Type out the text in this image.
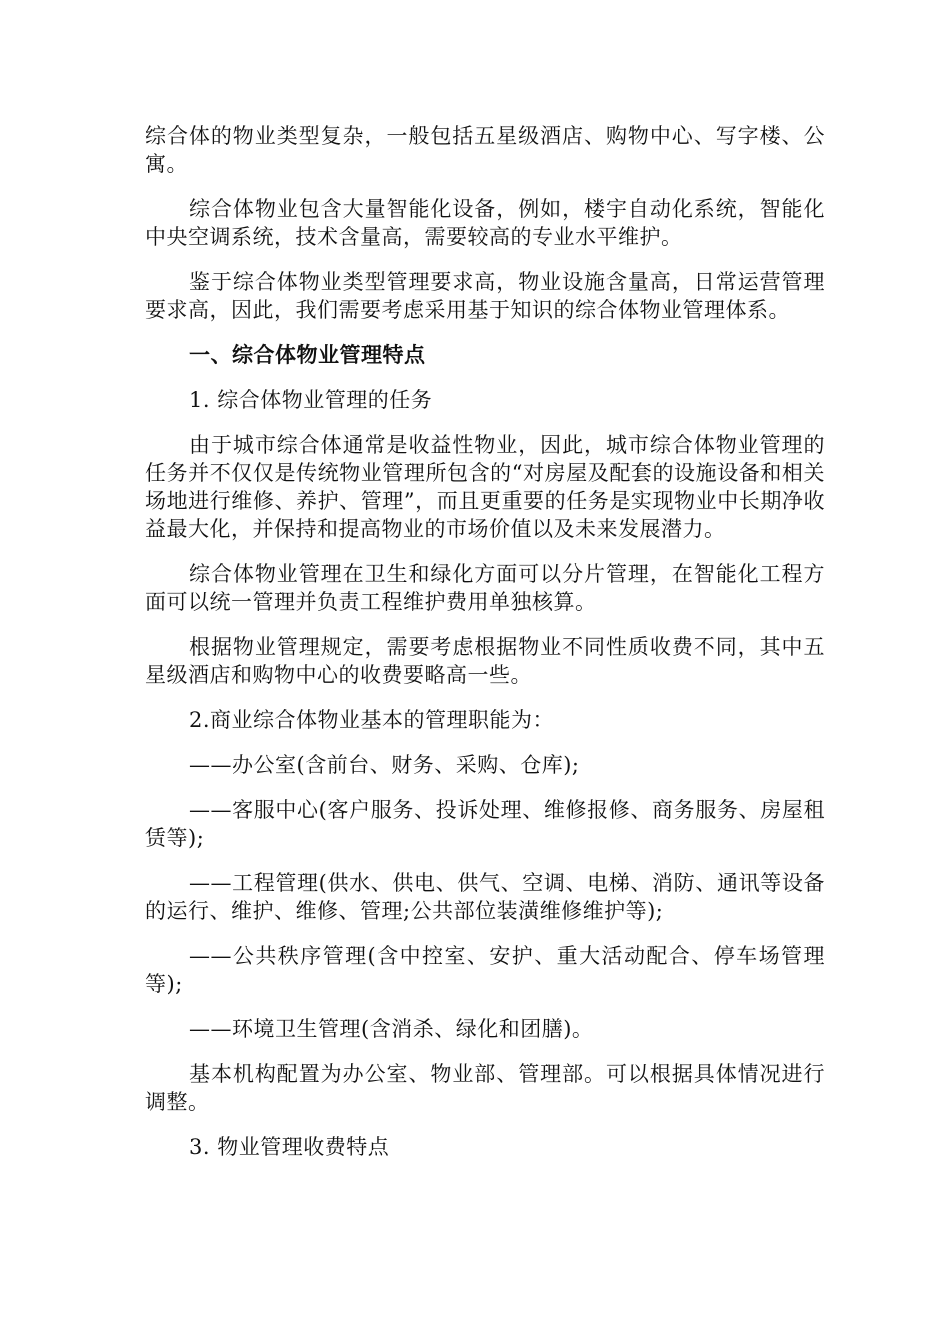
综合体的物业类型复杂，一般包括五星级酒店、购物中心、写字楼、公寓。

综合体物业包含大量智能化设备，例如，楼宇自动化系统，智能化中央空调系统，技术含量高，需要较高的专业水平维护。

鉴于综合体物业类型管理要求高，物业设施含量高，日常运营管理要求高，因此，我们需要考虑采用基于知识的综合体物业管理体系。

一、综合体物业管理特点

1. 综合体物业管理的任务

由于城市综合体通常是收益性物业，因此，城市综合体物业管理的任务并不仅仅是传统物业管理所包含的“对房屋及配套的设施设备和相关场地进行维修、养护、管理”，而且更重要的任务是实现物业中长期净收益最大化，并保持和提高物业的市场价值以及未来发展潜力。

综合体物业管理在卫生和绿化方面可以分片管理，在智能化工程方面可以统一管理并负责工程维护费用单独核算。

根据物业管理规定，需要考虑根据物业不同性质收费不同，其中五星级酒店和购物中心的收费要略高一些。

2.商业综合体物业基本的管理职能为：

——办公室(含前台、财务、采购、仓库);

——客服中心(客户服务、投诉处理、维修报修、商务服务、房屋租赁等);

——工程管理(供水、供电、供气、空调、电梯、消防、通讯等设备的运行、维护、维修、管理;公共部位装潢维修维护等);

——公共秩序管理(含中控室、安护、重大活动配合、停车场管理等);

——环境卫生管理(含消杀、绿化和团膳)。

基本机构配置为办公室、物业部、管理部。可以根据具体情况进行调整。

3. 物业管理收费特点
